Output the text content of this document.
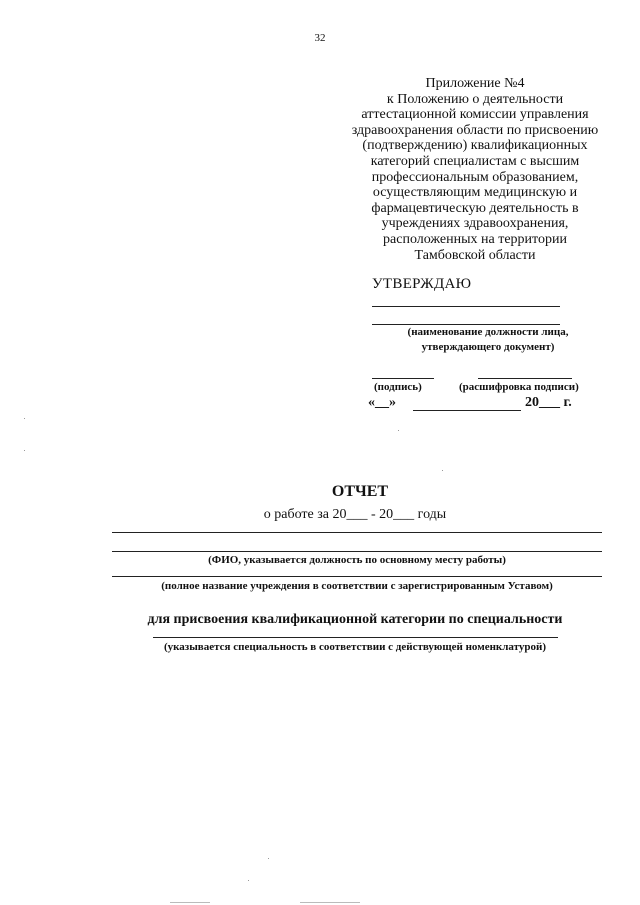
32
Приложение №4
к Положению о деятельности
аттестационной комиссии управления
здравоохранения области по присвоению
(подтверждению) квалификационных
категорий специалистам с высшим
профессиональным образованием,
осуществляющим медицинскую и
фармацевтическую деятельность в
учреждениях здравоохранения,
расположенных на территории
Тамбовской области
УТВЕРЖДАЮ
(наименование должности лица,
утверждающего документ)
(подпись)	(расшифровка подписи)
«__»	20___ г.
ОТЧЕТ
о работе за 20___ - 20___ годы
(ФИО, указывается должность по основному месту работы)
(полное название учреждения в соответствии с зарегистрированным Уставом)
для присвоения квалификационной категории по специальности
(указывается специальность в соответствии с действующей номенклатурой)
